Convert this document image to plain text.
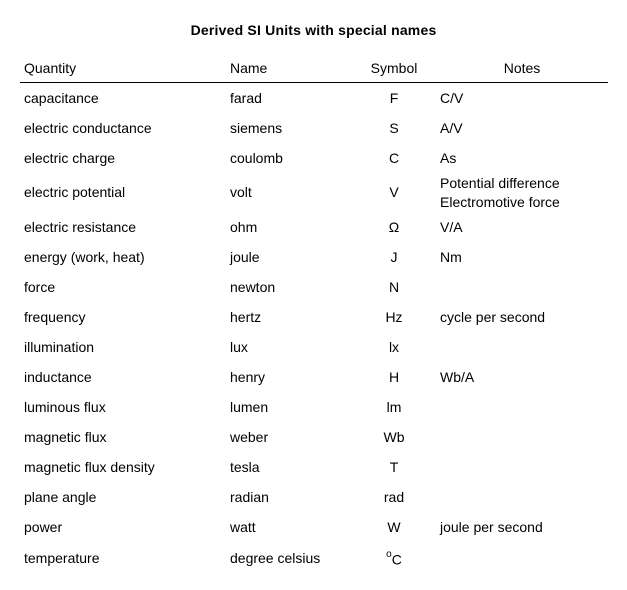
Derived SI Units with special names
Quantity	Name	Symbol	Notes
capacitance	farad	F	C/V
electric conductance	siemens	S	A/V
electric charge	coulomb	C	As
electric potential	volt	V	Potential difference
Electromotive force

electric resistance	ohm	Ω	V/A
energy (work, heat)	joule	J	Nm
force	newton	N	
frequency	hertz	Hz	cycle per second
illumination	lux	lx	
inductance	henry	H	Wb/A
luminous flux	lumen	lm	
magnetic flux	weber	Wb	
magnetic flux density	tesla	T	
plane angle	radian	rad	
power	watt	W	joule per second
temperature	degree celsius	$^o$C	
